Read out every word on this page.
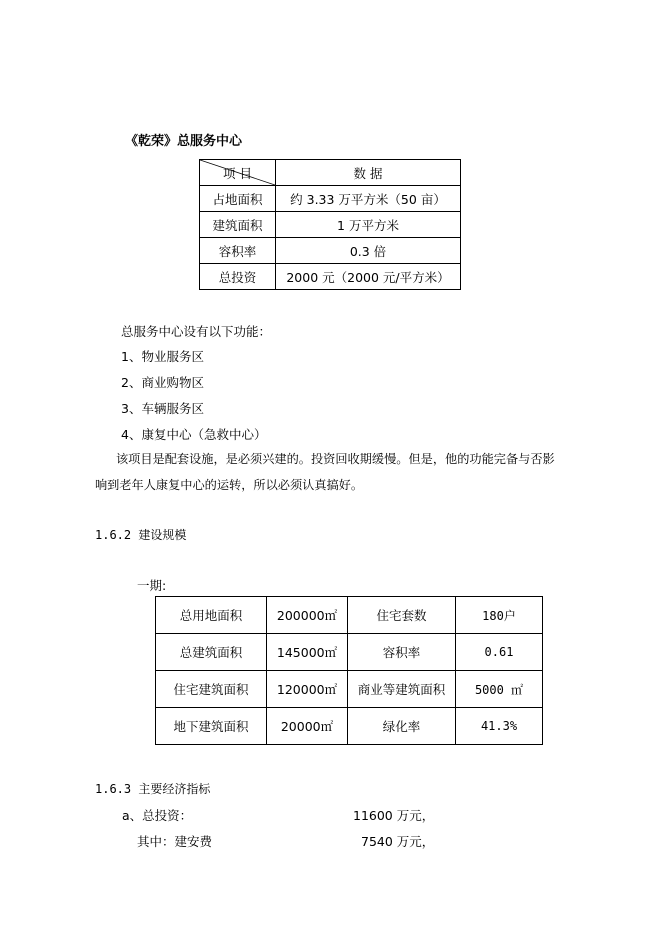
《乾荣》总服务中心
项 目	数 据
占地面积	约 3.33 万平方米（50 亩）
建筑面积	1 万平方米
容积率	0.3 倍
总投资	2000 元（2000 元/平方米）
总服务中心设有以下功能：
1、物业服务区
2、商业购物区
3、车辆服务区
4、康复中心（急救中心）
该项目是配套设施，是必须兴建的。投资回收期缓慢。但是，他的功能完备与否影
响到老年人康复中心的运转，所以必须认真搞好。
1.6.2 建设规模
一期:
总用地面积	200000㎡	住宅套数	180户
总建筑面积	145000㎡	容积率	0.61
住宅建筑面积	120000㎡	商业等建筑面积	5000 ㎡
地下建筑面积	20000㎡	绿化率	41.3%
1.6.3 主要经济指标
a、总投资：	11600 万元，
其中：建安费	7540 万元，
